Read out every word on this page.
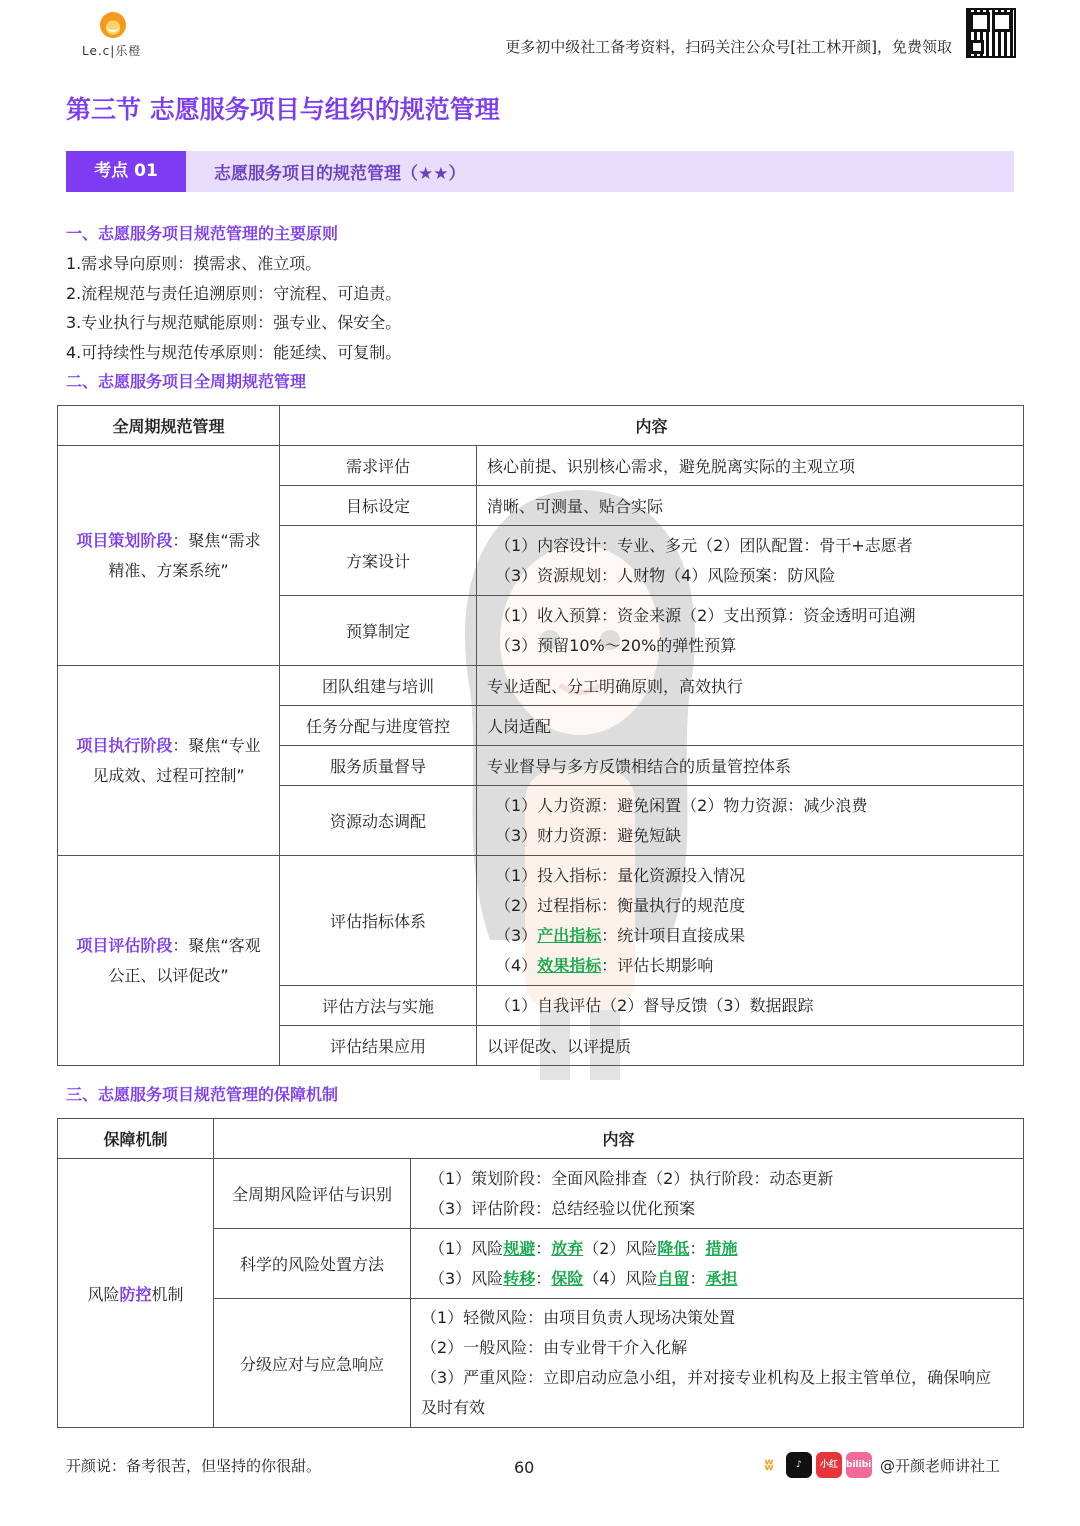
Le.c|乐橙	更多初中级社工备考资料，扫码关注公众号[社工林开颜]，免费领取
第三节 志愿服务项目与组织的规范管理
考点 01	志愿服务项目的规范管理（★★）
一、志愿服务项目规范管理的主要原则
1.需求导向原则：摸需求、准立项。
2.流程规范与责任追溯原则：守流程、可追责。
3.专业执行与规范赋能原则：强专业、保安全。
4.可持续性与规范传承原则：能延续、可复制。
二、志愿服务项目全周期规范管理
全周期规范管理	内容	
项目策划阶段：聚焦“需求精准、方案系统”	需求评估	核心前提、识别核心需求，避免脱离实际的主观立项
	目标设定	清晰、可测量、贴合实际
	方案设计	（1）内容设计：专业、多元（2）团队配置：骨干+志愿者
（3）资源规划：人财物（4）风险预案：防风险

	预算制定	（1）收入预算：资金来源（2）支出预算：资金透明可追溯
（3）预留10%～20%的弹性预算

项目执行阶段：聚焦“专业见成效、过程可控制”	团队组建与培训	专业适配、分工明确原则，高效执行
	任务分配与进度管控	人岗适配
	服务质量督导	专业督导与多方反馈相结合的质量管控体系
	资源动态调配	（1）人力资源：避免闲置（2）物力资源：减少浪费
（3）财力资源：避免短缺

项目评估阶段：聚焦“客观公正、以评促改”	评估指标体系	（1）投入指标：量化资源投入情况
（2）过程指标：衡量执行的规范度
（3）产出指标：统计项目直接成果
（4）效果指标：评估长期影响

	评估方法与实施	（1）自我评估（2）督导反馈（3）数据跟踪
	评估结果应用	以评促改、以评提质
三、志愿服务项目规范管理的保障机制
保障机制	内容	
风险防控机制	全周期风险评估与识别	（1）策划阶段：全面风险排查（2）执行阶段：动态更新
（3）评估阶段：总结经验以优化预案

	科学的风险处置方法	（1）风险规避：放弃（2）风险降低：措施
（3）风险转移：保险（4）风险自留：承担

	分级应对与应急响应	（1）轻微风险：由项目负责人现场决策处置
（2）一般风险：由专业骨干介入化解
（3）严重风险：立即启动应急小组，并对接专业机构及上报主管单位，确保响应及时有效
开颜说：备考很苦，但坚持的你很甜。	60	ʬ	♪	小红书
bilibili @开颜老师讲社工
